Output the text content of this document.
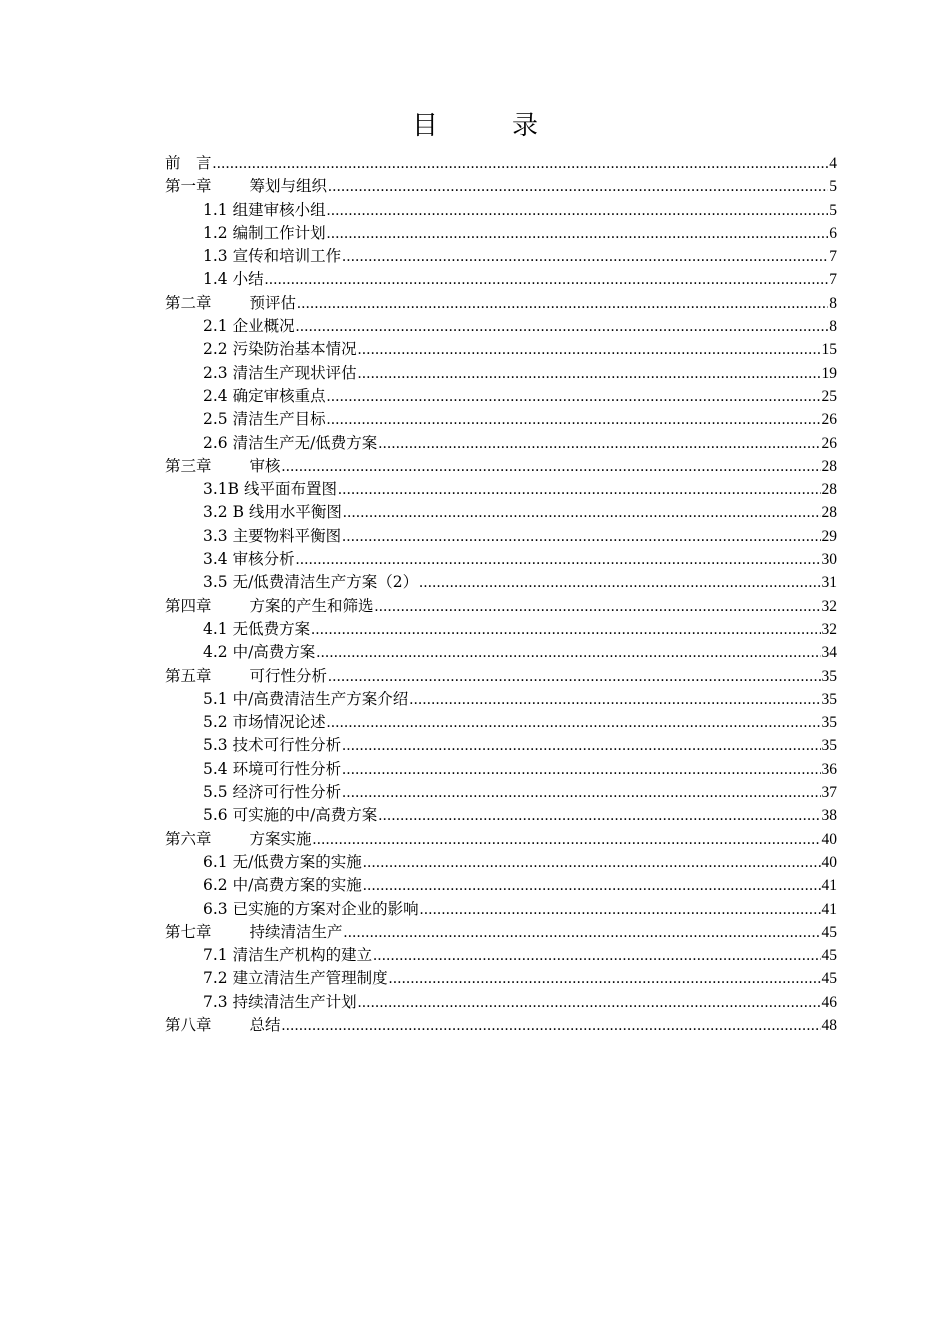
目　录
前　言 .....	4
第一章 筹划与组织 .....	5
1.1 组建审核小组 .....	5
1.2 编制工作计划 .....	6
1.3 宣传和培训工作 .....	7
1.4 小结 .....	7
第二章 预评估 .....	8
2.1 企业概况 .....	8
2.2 污染防治基本情况 .....	15
2.3 清洁生产现状评估 .....	19
2.4 确定审核重点 .....	25
2.5 清洁生产目标 .....	26
2.6 清洁生产无/低费方案 .....	26
第三章 审核 .....	28
3.1B 线平面布置图 .....	28
3.2 B 线用水平衡图 .....	28
3.3 主要物料平衡图 .....	29
3.4 审核分析 .....	30
3.5 无/低费清洁生产方案（2） .....	31
第四章 方案的产生和筛选 .....	32
4.1 无低费方案 .....	32
4.2 中/高费方案 .....	34
第五章 可行性分析 .....	35
5.1 中/高费清洁生产方案介绍 .....	35
5.2 市场情况论述 .....	35
5.3 技术可行性分析 .....	35
5.4 环境可行性分析 .....	36
5.5 经济可行性分析 .....	37
5.6 可实施的中/高费方案 .....	38
第六章 方案实施 .....	40
6.1 无/低费方案的实施 .....	40
6.2 中/高费方案的实施 .....	41
6.3 已实施的方案对企业的影响 .....	41
第七章 持续清洁生产 .....	45
7.1 清洁生产机构的建立 .....	45
7.2 建立清洁生产管理制度 .....	45
7.3 持续清洁生产计划 .....	46
第八章 总结 .....	48
